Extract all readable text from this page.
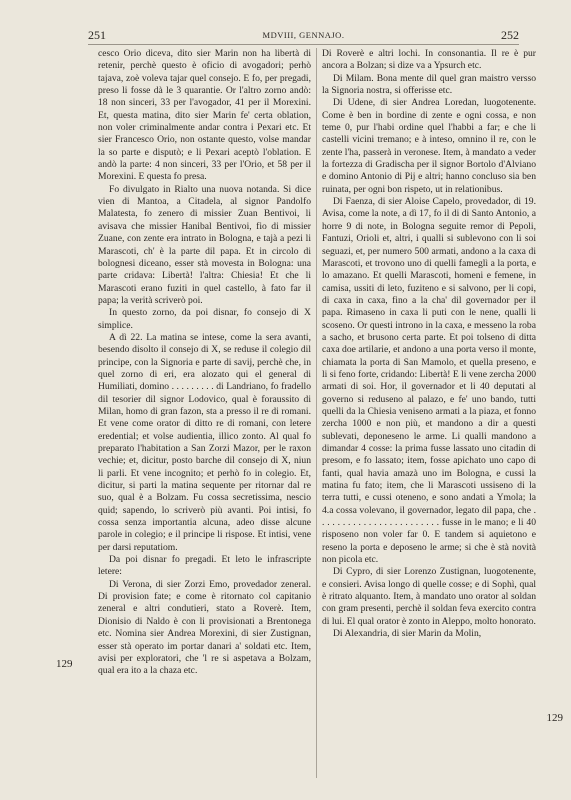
251	MDVIII, GENNAJO.	252

cesco Orio diceva, dito sier Marin non ha libertà di retenir, perchè questo è oficio di avogadori; perhò tajava, zoè voleva tajar quel consejo. E fo, per pregadi, preso li fosse dà le 3 quarantie. Or l'altro zorno andò: 18 non sinceri, 33 per l'avogador, 41 per il Morexini. Et, questa matina, dito sier Marin fe' certa oblation, non voler criminalmente andar contra i Pexari etc. Et sier Francesco Orio, non ostante questo, volse mandar la so parte e disputò; e li Pexari aceptò l'oblation. E andò la parte: 4 non sinceri, 33 per l'Orio, et 58 per il Morexini. E questa fo presa.

Fo divulgato in Rialto una nuova notanda. Si dice vien di Mantoa, a Citadela, al signor Pandolfo Malatesta, fo zenero di missier Zuan Bentivoi, li avisava che missier Hanibal Bentivoi, fio di missier Zuane, con zente era intrato in Bologna, e tajà a pezi li Marascoti, ch' è la parte dil papa. Et in circolo di bolognesi diceano, esser stà movesta in Bologna: una parte cridava: Libertà! l'altra: Chiesia! Et che li Marascoti erano fuziti in quel castello, à fato far il papa; la verità scriverò poi.

In questo zorno, da poi disnar, fo consejo di X simplice.

A dì 22. La matina se intese, come la sera avanti, besendo disolto il consejo di X, se reduse il colegio dil principe, con la Signoria e parte di savij, perchè che, in quel zorno di eri, era alozato qui el general di Humiliati, domino . . . . . . . . . di Landriano, fo fradello dil tesorier dil signor Lodovico, qual è foraussito di Milan, homo di gran fazon, sta a presso il re di romani. Et vene come orator di ditto re di romani, con letere eredential; et volse audientia, illico zonto. Al qual fo preparato l'habitation a San Zorzi Mazor, per le raxon vechie; et, dicitur, posto barche dil consejo di X, niun li parli. Et vene incognito; et perhò fo in colegio. Et, dicitur, si parti la matina sequente per ritornar dal re suo, qual è a Bolzam. Fu cossa secretissima, nescio quid; sapendo, lo scriverò più avanti. Poi intisi, fo cossa senza importantia alcuna, adeo disse alcune parole in colegio; e il principe li rispose. Et intisi, vene per darsi reputatiom.

Da poi disnar fo pregadi. Et leto le infrascripte letere:

Di Verona, di sier Zorzi Emo, provedador zeneral. Di provision fate; e come è ritornato col capitanio zeneral e altri condutieri, stato a Roverè. Item, Dionisio di Naldo è con li provisionati a Brentonega etc. Nomina sier Andrea Morexini, di sier Zustignan, esser stà operato im portar danari a' soldati etc. Item, avisi per exploratori, che 'l re si aspetava a Bolzam, qual era ito a la chaza etc.

Di Roverè e altri lochi. In consonantia. Il re è pur ancora a Bolzan; si dize va a Ypsurch etc.

Di Milam. Bona mente dil quel gran maistro versso la Signoria nostra, si offerisse etc.

Di Udene, di sier Andrea Loredan, luogotenente. Come è ben in bordine di zente e ogni cossa, e non teme 0, pur l'habi ordine quel l'habbi a far; e che li castelli vicini tremano; e à inteso, omnino il re, con le zente l'ha, passerà in veronese. Item, à mandato a veder la fortezza di Gradischa per il signor Bortolo d'Alviano e domino Antonio di Pij e altri; hanno concluso sia ben ruinata, per ogni bon rispeto, ut in relationibus.

Di Faenza, di sier Aloise Capelo, provedador, di 19. Avisa, come la note, a dì 17, fo il di di Santo Antonio, a horre 9 di note, in Bologna seguite remor di Pepoli, Fantuzi, Orioli et, altri, i qualli si sublevono con li soi seguazi, et, per numero 500 armati, andono a la caxa di Marascoti, et trovono uno di quelli fameglì a la porta, e lo amazano. Et quelli Marascoti, homeni e femene, in camisa, ussiti di leto, fuziteno e si salvono, per li copi, di caxa in caxa, fino a la cha' dil governador per il papa. Rimaseno in caxa li puti con le nene, qualli li scoseno. Or questi introno in la caxa, e messeno la roba a sacho, et brusono certa parte. Et poi tolseno di ditta caxa doe artilarie, et andono a una porta verso il monte, chiamata la porta di San Mamolo, et quella preseno, e li si feno forte, cridando: Libertà! E li vene zercha 2000 armati di soi. Hor, il governador et li 40 deputati al governo si reduseno al palazo, e fe' uno bando, tutti quelli da la Chiesia veniseno armati a la piaza, et fonno zercha 1000 e non più, et mandono a dir a questi sublevati, deponeseno le arme. Li qualli mandono a dimandar 4 cosse: la prima fusse lassato uno citadin di presom, e fo lassato; item, fosse apichato uno capo di fanti, qual havia amazà uno im Bologna, e cussi la matina fu fato; item, che li Marascoti ussiseno di la terra tutti, e cussi oteneno, e sono andati a Ymola; la 4.a cossa volevano, il governador, legato dil papa, che . . . . . . . . . . . . . . . . . . . . . . . . fusse in le mano; e li 40 risposeno non voler far 0. E tandem si aquietono e reseno la porta e deposeno le arme; si che è stà novità non picola etc.

Di Cypro, di sier Lorenzo Zustignan, luogotenente, e consieri. Avisa longo di quelle cosse; e di Sophì, qual è ritrato alquanto. Item, à mandato uno orator al soldan con gram presenti, perchè il soldan feva exercito contra di lui. El qual orator è zonto in Aleppo, molto honorato.

Di Alexandria, di sier Marin da Molin,

129
129
